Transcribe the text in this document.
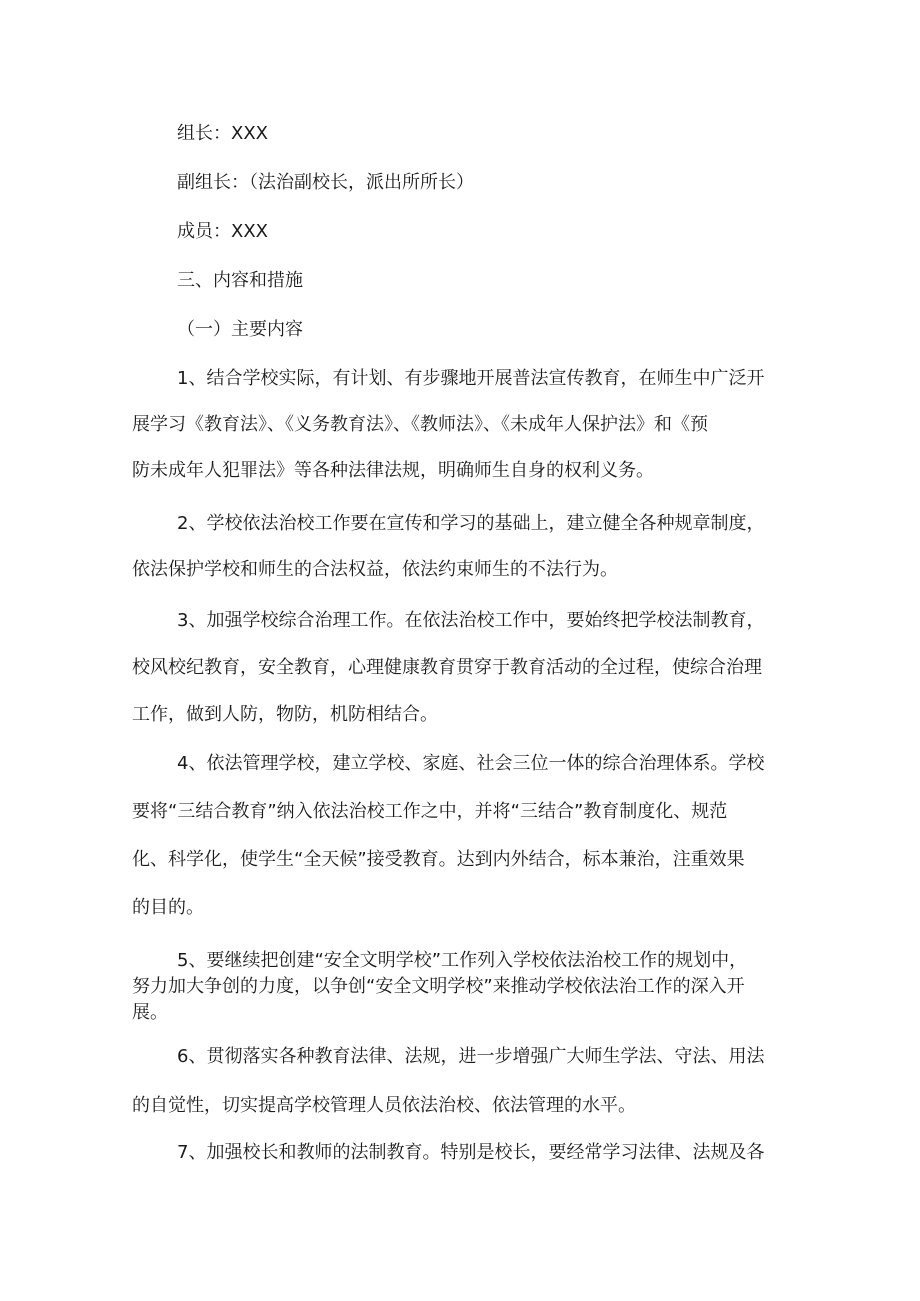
组长：XXX
副组长：（法治副校长，派出所所长）
成员：XXX
三、内容和措施
（一）主要内容
1、结合学校实际，有计划、有步骤地开展普法宣传教育，在师生中广泛开
展学习《教育法》、《义务教育法》、《教师法》、《未成年人保护法》和《预
防未成年人犯罪法》等各种法律法规，明确师生自身的权利义务。
2、学校依法治校工作要在宣传和学习的基础上，建立健全各种规章制度，
依法保护学校和师生的合法权益，依法约束师生的不法行为。
3、加强学校综合治理工作。在依法治校工作中，要始终把学校法制教育，
校风校纪教育，安全教育，心理健康教育贯穿于教育活动的全过程，使综合治理
工作，做到人防，物防，机防相结合。
4、依法管理学校，建立学校、家庭、社会三位一体的综合治理体系。学校
要将“三结合教育”纳入依法治校工作之中，并将“三结合”教育制度化、规范
化、科学化，使学生“全天候”接受教育。达到内外结合，标本兼治，注重效果
的目的。
5、要继续把创建“安全文明学校”工作列入学校依法治校工作的规划中，
努力加大争创的力度，以争创“安全文明学校”来推动学校依法治工作的深入开
展。
6、贯彻落实各种教育法律、法规，进一步增强广大师生学法、守法、用法
的自觉性，切实提高学校管理人员依法治校、依法管理的水平。
7、加强校长和教师的法制教育。特别是校长，要经常学习法律、法规及各
